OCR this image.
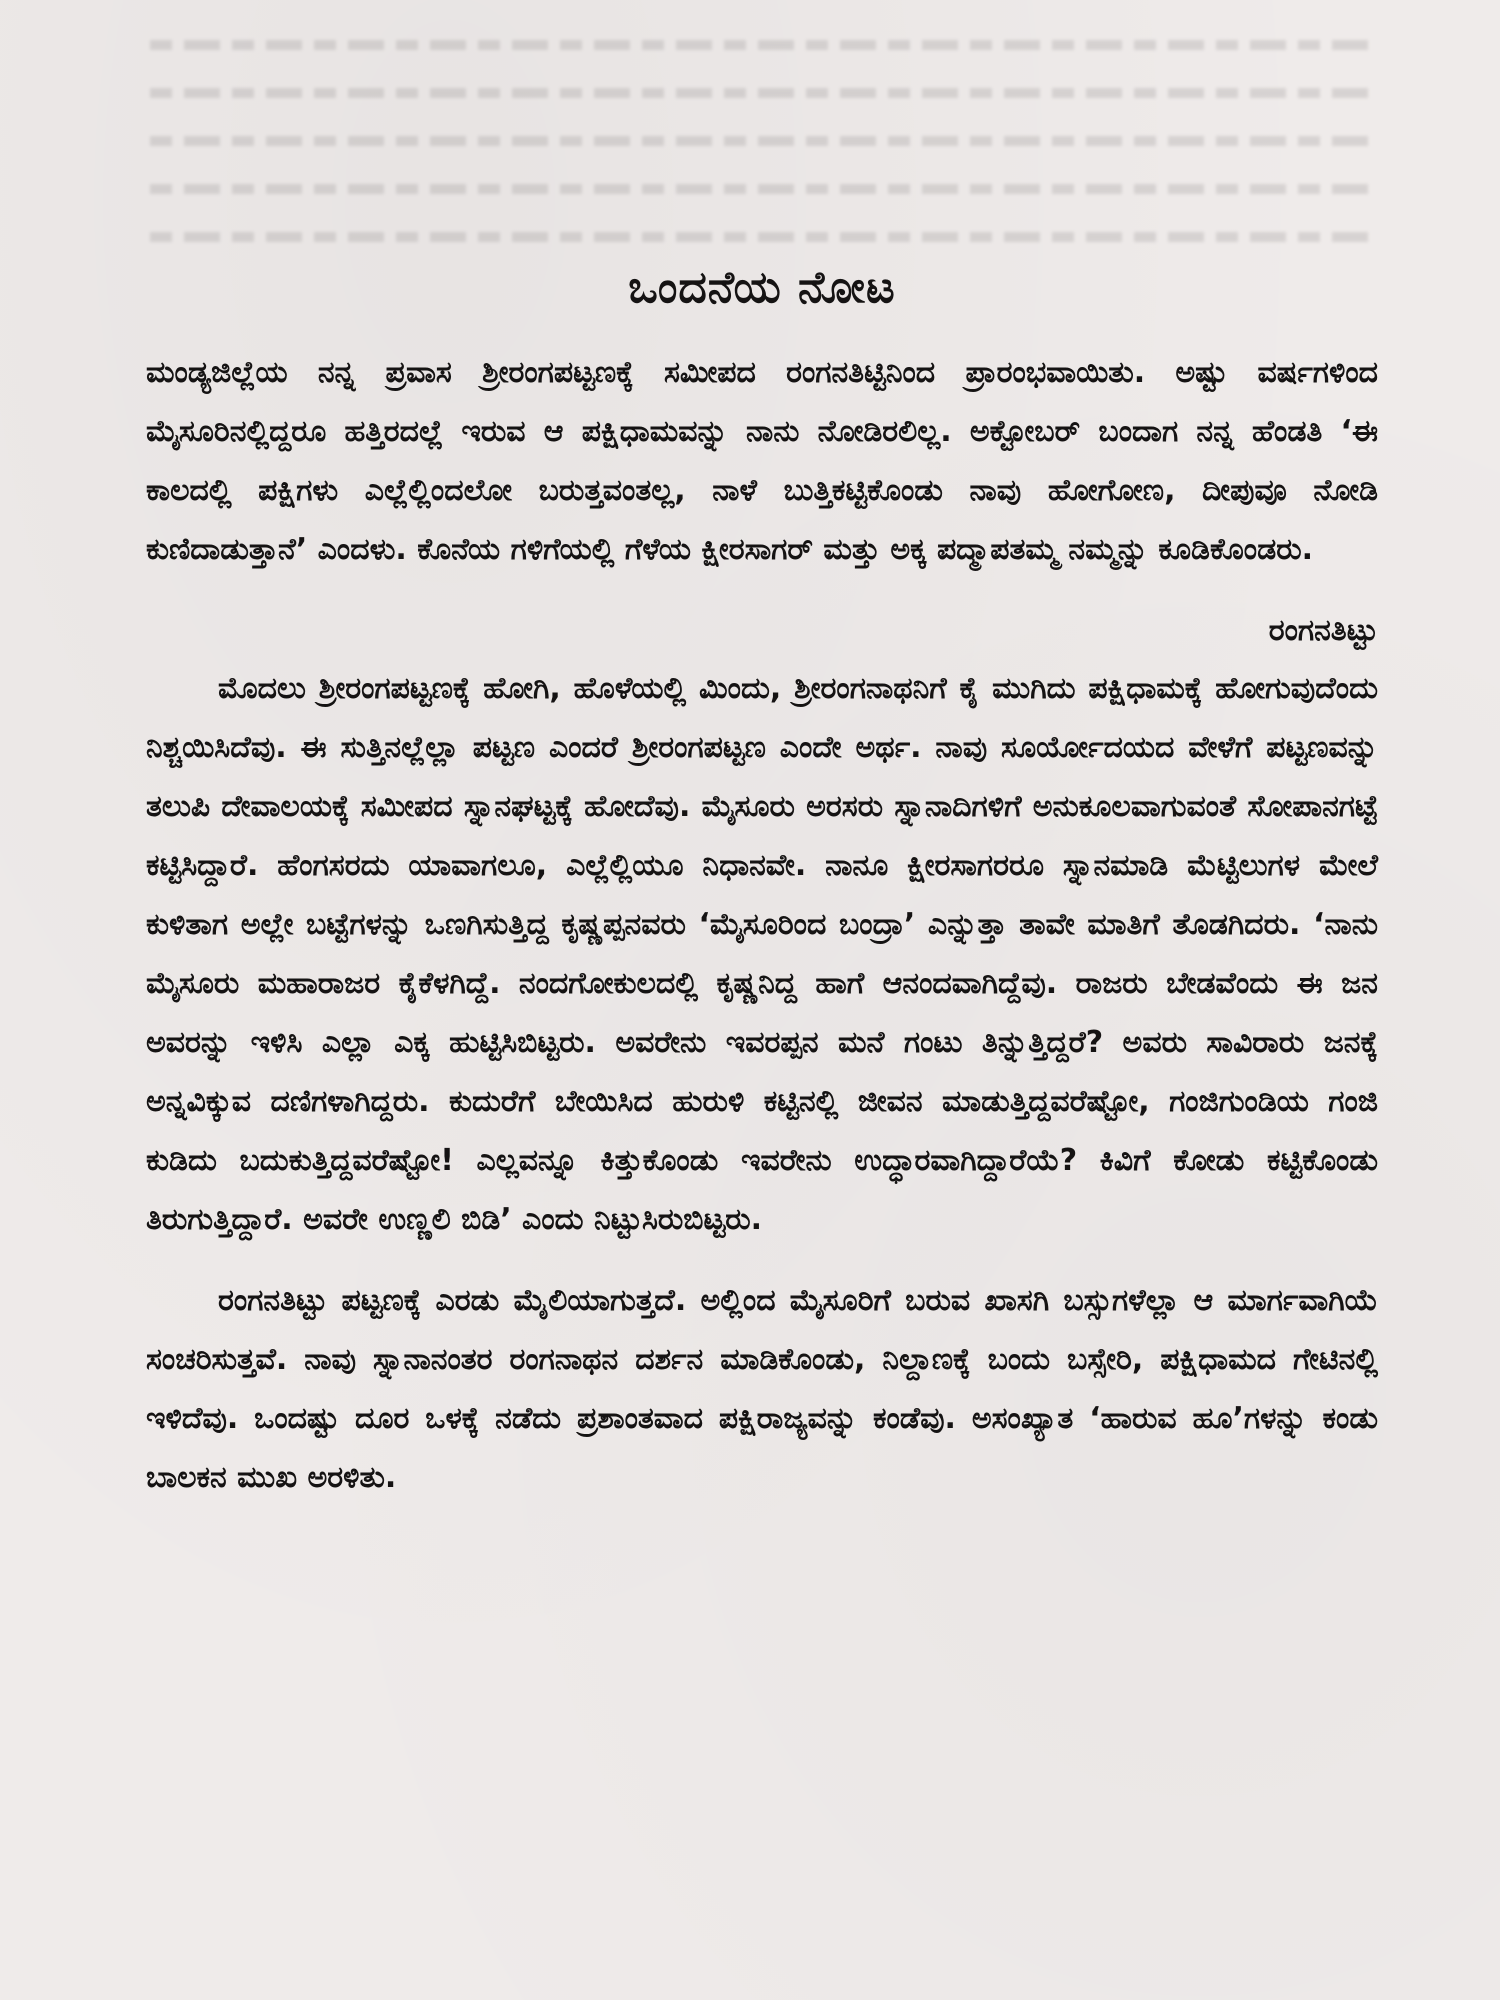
ಒಂದನೆಯ ನೋಟ

ಮಂಡ್ಯಜಿಲ್ಲೆಯ ನನ್ನ ಪ್ರವಾಸ ಶ್ರೀರಂಗಪಟ್ಟಣಕ್ಕೆ ಸಮೀಪದ ರಂಗನತಿಟ್ಟಿನಿಂದ ಪ್ರಾರಂಭವಾಯಿತು. ಅಷ್ಟು ವರ್ಷಗಳಿಂದ ಮೈಸೂರಿನಲ್ಲಿದ್ದರೂ ಹತ್ತಿರದಲ್ಲೆ ಇರುವ ಆ ಪಕ್ಷಿಧಾಮವನ್ನು ನಾನು ನೋಡಿರಲಿಲ್ಲ. ಅಕ್ಟೋಬರ್ ಬಂದಾಗ ನನ್ನ ಹೆಂಡತಿ ‘ಈ ಕಾಲದಲ್ಲಿ ಪಕ್ಷಿಗಳು ಎಲ್ಲೆಲ್ಲಿಂದಲೋ ಬರುತ್ತವಂತಲ್ಲ, ನಾಳೆ ಬುತ್ತಿಕಟ್ಟಿಕೊಂಡು ನಾವು ಹೋಗೋಣ, ದೀಪುವೂ ನೋಡಿ ಕುಣಿದಾಡುತ್ತಾನೆ’ ಎಂದಳು. ಕೊನೆಯ ಗಳಿಗೆಯಲ್ಲಿ ಗೆಳೆಯ ಕ್ಷೀರಸಾಗರ್ ಮತ್ತು ಅಕ್ಕ ಪದ್ಮಾಪತಮ್ಮ ನಮ್ಮನ್ನು ಕೂಡಿಕೊಂಡರು.

ರಂಗನತಿಟ್ಟು

ಮೊದಲು ಶ್ರೀರಂಗಪಟ್ಟಣಕ್ಕೆ ಹೋಗಿ, ಹೊಳೆಯಲ್ಲಿ ಮಿಂದು, ಶ್ರೀರಂಗನಾಥನಿಗೆ ಕೈ ಮುಗಿದು ಪಕ್ಷಿಧಾಮಕ್ಕೆ ಹೋಗುವುದೆಂದು ನಿಶ್ಚಯಿಸಿದೆವು. ಈ ಸುತ್ತಿನಲ್ಲೆಲ್ಲಾ ಪಟ್ಟಣ ಎಂದರೆ ಶ್ರೀರಂಗಪಟ್ಟಣ ಎಂದೇ ಅರ್ಥ. ನಾವು ಸೂರ್ಯೋದಯದ ವೇಳೆಗೆ ಪಟ್ಟಣವನ್ನು ತಲುಪಿ ದೇವಾಲಯಕ್ಕೆ ಸಮೀಪದ ಸ್ನಾನಘಟ್ಟಕ್ಕೆ ಹೋದೆವು. ಮೈಸೂರು ಅರಸರು ಸ್ನಾನಾದಿಗಳಿಗೆ ಅನುಕೂಲವಾಗುವಂತೆ ಸೋಪಾನಗಟ್ಟೆ ಕಟ್ಟಿಸಿದ್ದಾರೆ. ಹೆಂಗಸರದು ಯಾವಾಗಲೂ, ಎಲ್ಲೆಲ್ಲಿಯೂ ನಿಧಾನವೇ. ನಾನೂ ಕ್ಷೀರಸಾಗರರೂ ಸ್ನಾನಮಾಡಿ ಮೆಟ್ಟಿಲುಗಳ ಮೇಲೆ ಕುಳಿತಾಗ ಅಲ್ಲೇ ಬಟ್ಟೆಗಳನ್ನು ಒಣಗಿಸುತ್ತಿದ್ದ ಕೃಷ್ಣಪ್ಪನವರು ‘ಮೈಸೂರಿಂದ ಬಂದ್ರಾ’ ಎನ್ನುತ್ತಾ ತಾವೇ ಮಾತಿಗೆ ತೊಡಗಿದರು. ‘ನಾನು ಮೈಸೂರು ಮಹಾರಾಜರ ಕೈಕೆಳಗಿದ್ದೆ. ನಂದಗೋಕುಲದಲ್ಲಿ ಕೃಷ್ಣನಿದ್ದ ಹಾಗೆ ಆನಂದವಾಗಿದ್ದೆವು. ರಾಜರು ಬೇಡವೆಂದು ಈ ಜನ ಅವರನ್ನು ಇಳಿಸಿ ಎಲ್ಲಾ ಎಕ್ಕ ಹುಟ್ಟಿಸಿಬಿಟ್ಟರು. ಅವರೇನು ಇವರಪ್ಪನ ಮನೆ ಗಂಟು ತಿನ್ನುತ್ತಿದ್ದರೆ? ಅವರು ಸಾವಿರಾರು ಜನಕ್ಕೆ ಅನ್ನವಿಕ್ಕುವ ದಣಿಗಳಾಗಿದ್ದರು. ಕುದುರೆಗೆ ಬೇಯಿಸಿದ ಹುರುಳಿ ಕಟ್ಟಿನಲ್ಲಿ ಜೀವನ ಮಾಡುತ್ತಿದ್ದವರೆಷ್ಟೋ, ಗಂಜಿಗುಂಡಿಯ ಗಂಜಿ ಕುಡಿದು ಬದುಕುತ್ತಿದ್ದವರೆಷ್ಟೋ! ಎಲ್ಲವನ್ನೂ ಕಿತ್ತುಕೊಂಡು ಇವರೇನು ಉದ್ಧಾರವಾಗಿದ್ದಾರೆಯೆ? ಕಿವಿಗೆ ಕೋಡು ಕಟ್ಟಿಕೊಂಡು ತಿರುಗುತ್ತಿದ್ದಾರೆ. ಅವರೇ ಉಣ್ಣಲಿ ಬಿಡಿ’ ಎಂದು ನಿಟ್ಟುಸಿರುಬಿಟ್ಟರು.

ರಂಗನತಿಟ್ಟು ಪಟ್ಟಣಕ್ಕೆ ಎರಡು ಮೈಲಿಯಾಗುತ್ತದೆ. ಅಲ್ಲಿಂದ ಮೈಸೂರಿಗೆ ಬರುವ ಖಾಸಗಿ ಬಸ್ಸುಗಳೆಲ್ಲಾ ಆ ಮಾರ್ಗವಾಗಿಯೆ ಸಂಚರಿಸುತ್ತವೆ. ನಾವು ಸ್ನಾನಾನಂತರ ರಂಗನಾಥನ ದರ್ಶನ ಮಾಡಿಕೊಂಡು, ನಿಲ್ದಾಣಕ್ಕೆ ಬಂದು ಬಸ್ಸೇರಿ, ಪಕ್ಷಿಧಾಮದ ಗೇಟಿನಲ್ಲಿ ಇಳಿದೆವು. ಒಂದಷ್ಟು ದೂರ ಒಳಕ್ಕೆ ನಡೆದು ಪ್ರಶಾಂತವಾದ ಪಕ್ಷಿರಾಜ್ಯವನ್ನು ಕಂಡೆವು. ಅಸಂಖ್ಯಾತ ‘ಹಾರುವ ಹೂ’ಗಳನ್ನು ಕಂಡು ಬಾಲಕನ ಮುಖ ಅರಳಿತು.
